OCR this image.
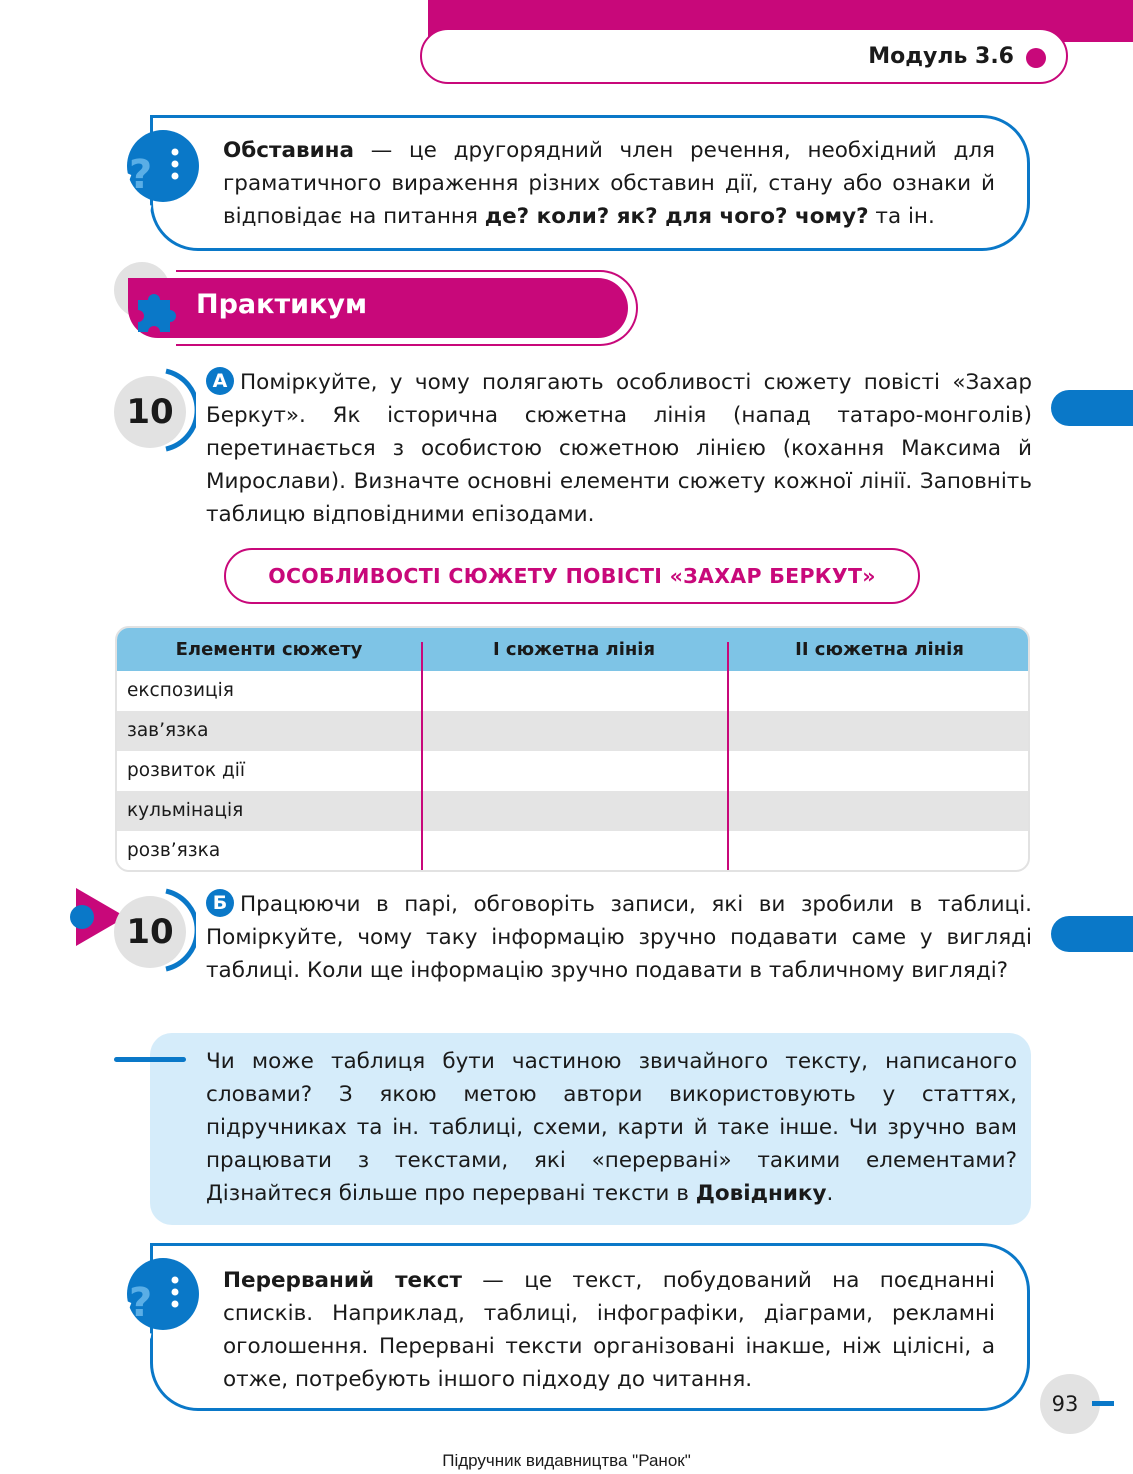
Модуль 3.6
?
Обставина — це другорядний член речення, необхідний для граматичного вираження різних обставин дії, стану або ознаки й відповідає на питання де? коли? як? для чого? чому? та ін.
Практикум
10
А Поміркуйте, у чому полягають особливості сюжету повісті «Захар Беркут». Як історична сюжетна лінія (напад татаро-монголів) перетинається з особистою сюжетною лінією (кохання Максима й Мирослави). Визначте основні елементи сюжету кожної лінії. Заповніть таблицю відповідними епізодами.
ОСОБЛИВОСТІ СЮЖЕТУ ПОВІСТІ «ЗАХАР БЕРКУТ»
Елементи сюжету	І сюжетна лінія	ІІ сюжетна лінія
експозиція
зав’язка
розвиток дії
кульмінація
розв’язка
10
Б Працюючи в парі, обговоріть записи, які ви зробили в таблиці. Поміркуйте, чому таку інформацію зручно подавати саме у вигляді таблиці. Коли ще інформацію зручно подавати в табличному вигляді?
Чи може таблиця бути частиною звичайного тексту, написаного словами? З якою метою автори використовують у статтях, підручниках та ін. таблиці, схеми, карти й таке інше. Чи зручно вам працювати з текстами, які «перервані» такими елементами? Дізнайтеся більше про перервані тексти в Довіднику.
?	Перерваний текст — це текст, побудований на поєднанні списків. Наприклад, таблиці, інфографіки, діаграми, рекламні оголошення. Перервані тексти організовані інакше, ніж цілісні, а отже, потребують іншого підходу до читання.
93
Підручник видавництва "Ранок"
